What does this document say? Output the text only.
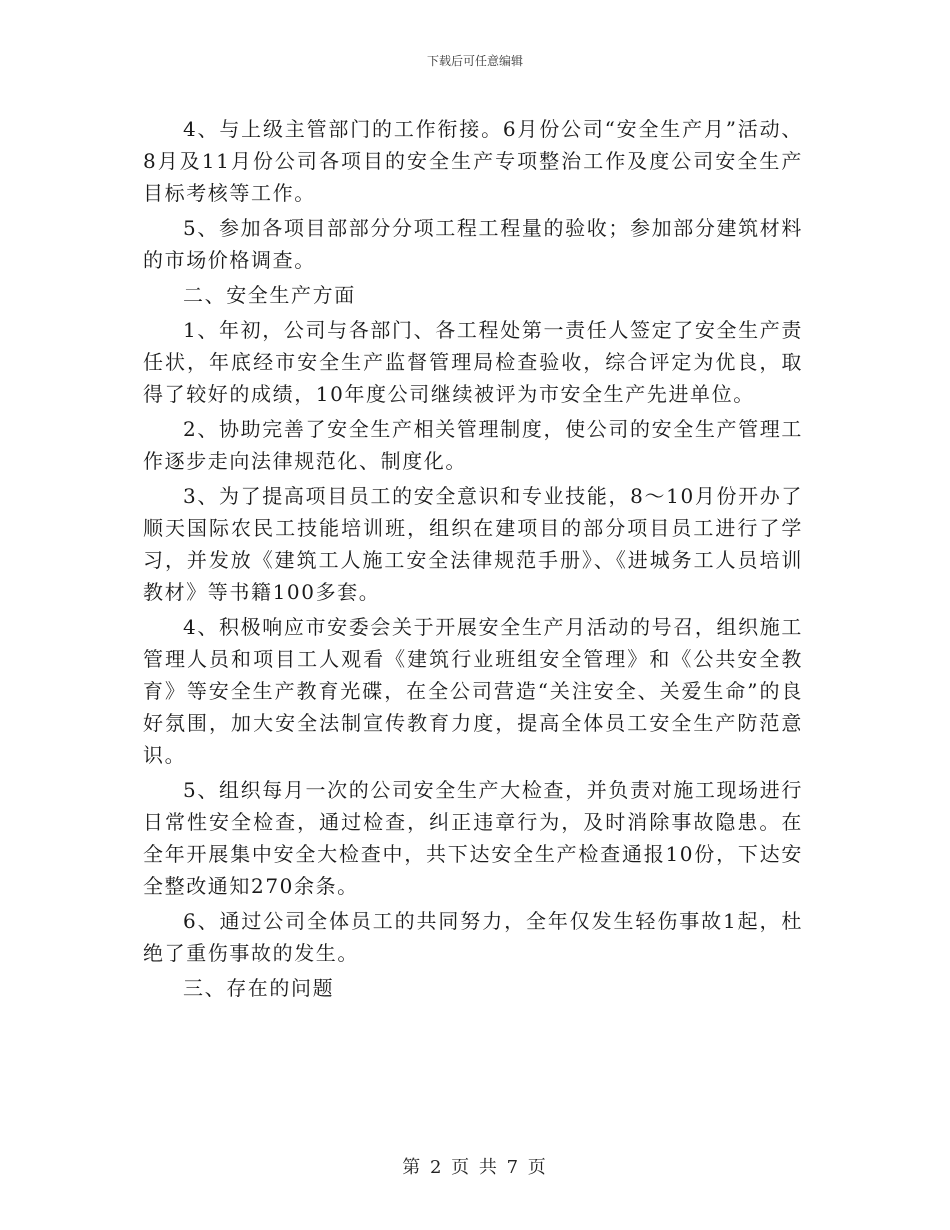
下载后可任意编辑

4、与上级主管部门的工作衔接。6月份公司“安全生产月”活动、8月及11月份公司各项目的安全生产专项整治工作及度公司安全生产目标考核等工作。

5、参加各项目部部分分项工程工程量的验收；参加部分建筑材料的市场价格调查。

二、安全生产方面

1、年初，公司与各部门、各工程处第一责任人签定了安全生产责任状，年底经市安全生产监督管理局检查验收，综合评定为优良，取得了较好的成绩，10年度公司继续被评为市安全生产先进单位。

2、协助完善了安全生产相关管理制度，使公司的安全生产管理工作逐步走向法律规范化、制度化。

3、为了提高项目员工的安全意识和专业技能，8～10月份开办了顺天国际农民工技能培训班，组织在建项目的部分项目员工进行了学习，并发放《建筑工人施工安全法律规范手册》、《进城务工人员培训教材》等书籍100多套。

4、积极响应市安委会关于开展安全生产月活动的号召，组织施工管理人员和项目工人观看《建筑行业班组安全管理》和《公共安全教育》等安全生产教育光碟，在全公司营造“关注安全、关爱生命”的良好氛围，加大安全法制宣传教育力度，提高全体员工安全生产防范意识。

5、组织每月一次的公司安全生产大检查，并负责对施工现场进行日常性安全检查，通过检查，纠正违章行为，及时消除事故隐患。在全年开展集中安全大检查中，共下达安全生产检查通报10份，下达安全整改通知270余条。

6、通过公司全体员工的共同努力，全年仅发生轻伤事故1起，杜绝了重伤事故的发生。

三、存在的问题

第 2 页 共 7 页
